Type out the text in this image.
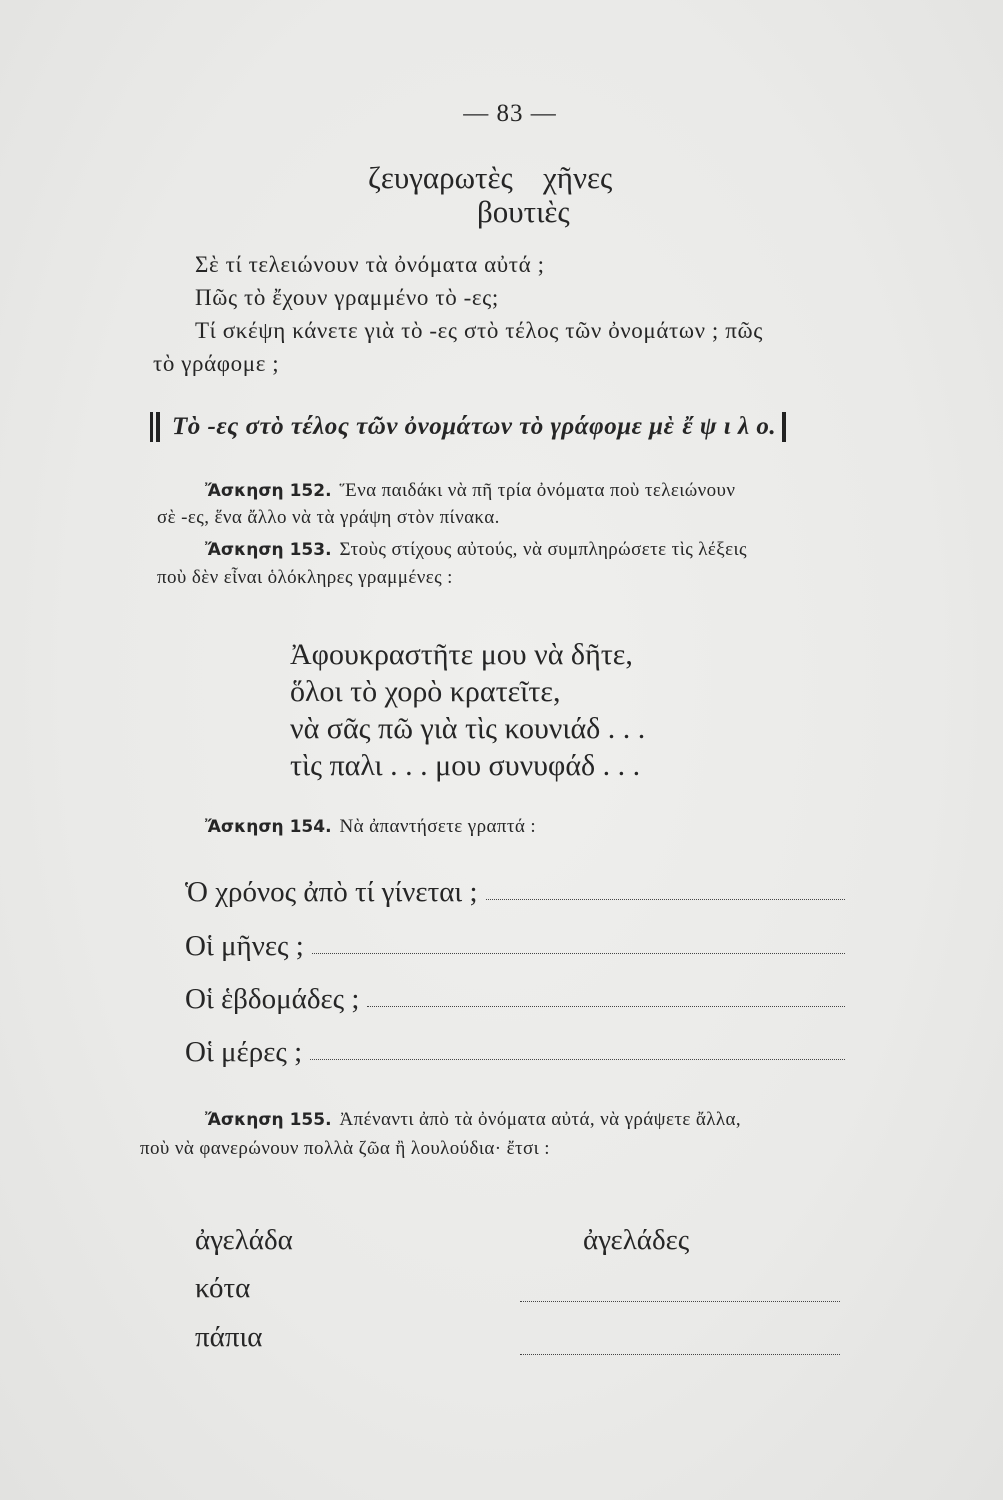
— 83 —
ζευγαρωτὲς χῆνες
βουτιὲς
Σὲ τί τελειώνουν τὰ ὀνόματα αὐτά ;
Πῶς τὸ ἔχουν γραμμένο τὸ -ες;
Τί σκέψη κάνετε γιὰ τὸ -ες στὸ τέλος τῶν ὀνομάτων ; πῶς
τὸ γράφομε ;
Τὸ -ες στὸ τέλος τῶν ὀνομάτων τὸ γράφομε μὲ ἔ ψ ι λ ο.
Ἄσκηση 152. Ἕνα παιδάκι νὰ πῆ τρία ὀνόματα ποὺ τελειώνουν
σὲ -ες, ἕνα ἄλλο νὰ τὰ γράψη στὸν πίνακα.
Ἄσκηση 153. Στοὺς στίχους αὐτούς, νὰ συμπληρώσετε τὶς λέξεις
ποὺ δὲν εἶναι ὁλόκληρες γραμμένες :
Ἀφουκραστῆτε μου νὰ δῆτε,
ὅλοι τὸ χορὸ κρατεῖτε,
νὰ σᾶς πῶ γιὰ τὶς κουνιάδ . . .
τὶς παλι . . . μου συνυφάδ . . .
Ἄσκηση 154. Νὰ ἀπαντήσετε γραπτά :
Ὁ χρόνος ἀπὸ τί γίνεται ;
Οἱ μῆνες ;
Οἱ ἑβδομάδες ;
Οἱ μέρες ;
Ἄσκηση 155. Ἀπέναντι ἀπὸ τὰ ὀνόματα αὐτά, νὰ γράψετε ἄλλα,
ποὺ νὰ φανερώνουν πολλὰ ζῶα ἢ λουλούδια· ἔτσι :
ἀγελάδα	ἀγελάδες
κότα
πάπια
